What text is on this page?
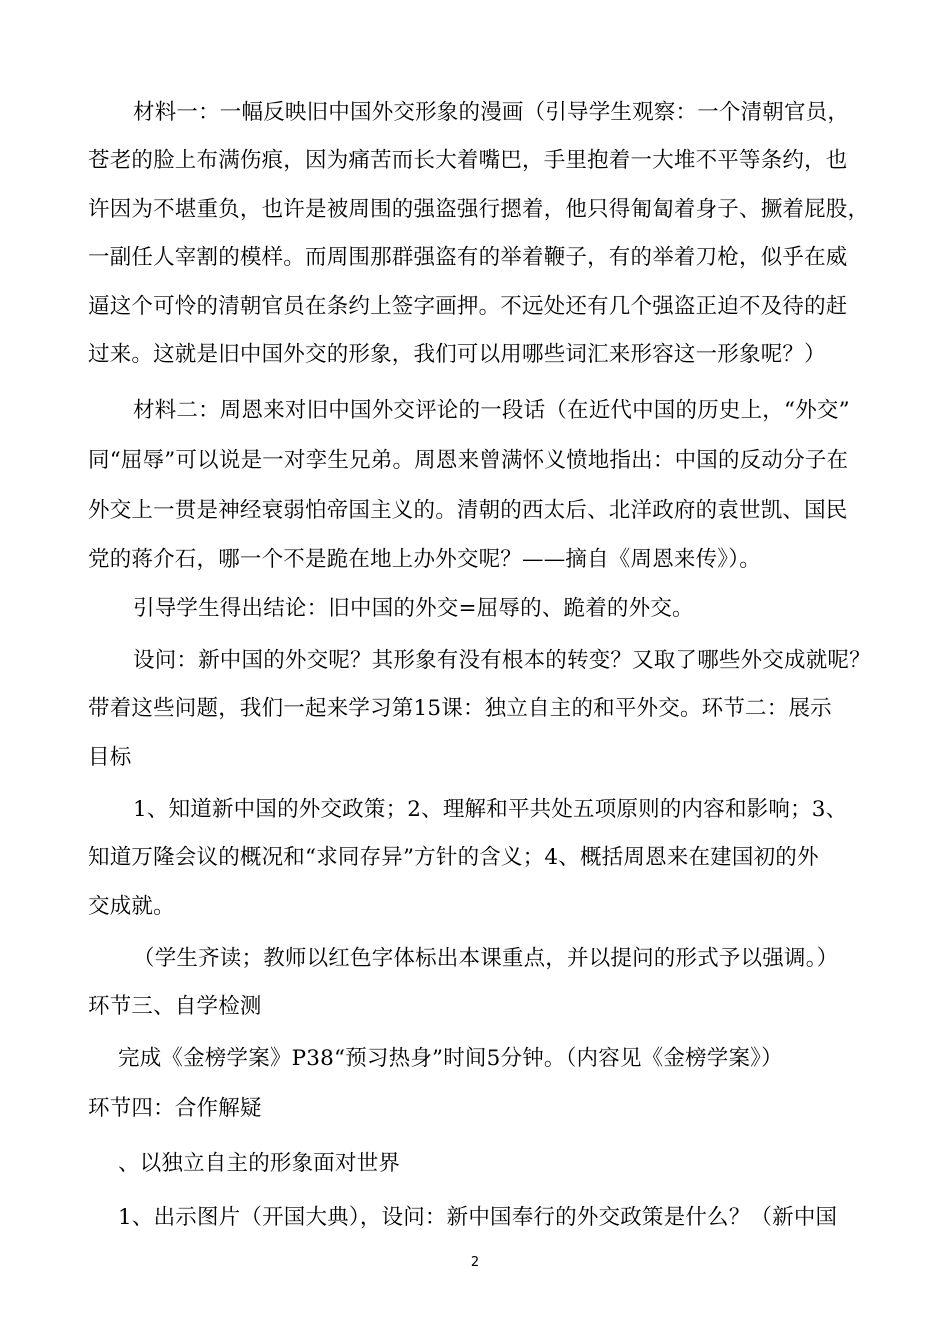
材料一：一幅反映旧中国外交形象的漫画（引导学生观察：一个清朝官员，

苍老的脸上布满伤痕，因为痛苦而长大着嘴巴，手里抱着一大堆不平等条约，也

许因为不堪重负，也许是被周围的强盗强行摁着，他只得匍匐着身子、撅着屁股，

一副任人宰割的模样。而周围那群强盗有的举着鞭子，有的举着刀枪，似乎在威

逼这个可怜的清朝官员在条约上签字画押。不远处还有几个强盗正迫不及待的赶

过来。这就是旧中国外交的形象，我们可以用哪些词汇来形容这一形象呢？）

材料二：周恩来对旧中国外交评论的一段话（在近代中国的历史上，“外交”

同“屈辱”可以说是一对孪生兄弟。周恩来曾满怀义愤地指出：中国的反动分子在

外交上一贯是神经衰弱怕帝国主义的。清朝的西太后、北洋政府的袁世凯、国民

党的蒋介石，哪一个不是跪在地上办外交呢？——摘自《周恩来传》）。

引导学生得出结论：旧中国的外交=屈辱的、跪着的外交。

设问：新中国的外交呢？其形象有没有根本的转变？又取了哪些外交成就呢？

带着这些问题，我们一起来学习第15课：独立自主的和平外交。环节二：展示

目标

1、知道新中国的外交政策；2、理解和平共处五项原则的内容和影响；3、

知道万隆会议的概况和“求同存异”方针的含义；4、概括周恩来在建国初的外

交成就。

（学生齐读；教师以红色字体标出本课重点，并以提问的形式予以强调。）

环节三、自学检测

完成《金榜学案》P38“预习热身”时间5分钟。（内容见《金榜学案》）

环节四：合作解疑

、以独立自主的形象面对世界

1、出示图片（开国大典），设问：新中国奉行的外交政策是什么？（新中国

2
